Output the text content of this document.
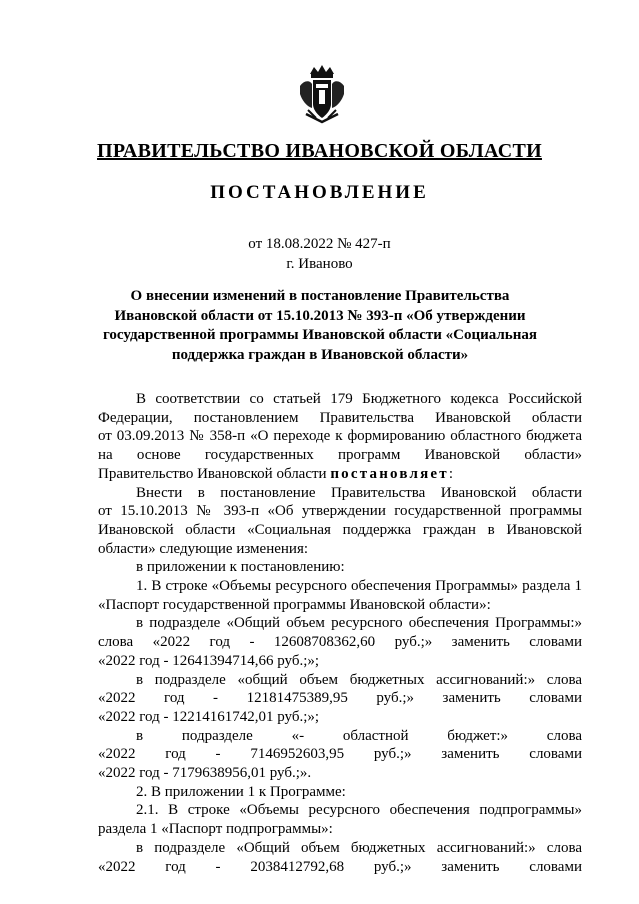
ПРАВИТЕЛЬСТВО ИВАНОВСКОЙ ОБЛАСТИ
ПОСТАНОВЛЕНИЕ
от 18.08.2022 № 427-п
г. Иваново
О внесении изменений в постановление Правительства
Ивановской области от 15.10.2013 № 393-п «Об утверждении
государственной программы Ивановской области «Социальная
поддержка граждан в Ивановской области»
В соответствии со статьей 179 Бюджетного кодекса Российской
Федерации, постановлением Правительства Ивановской области
от 03.09.2013 № 358-п «О переходе к формированию областного бюджета
на основе государственных программ Ивановской области»
Правительство Ивановской области постановляет:
Внести в постановление Правительства Ивановской области
от 15.10.2013 № 393-п «Об утверждении государственной программы
Ивановской области «Социальная поддержка граждан в Ивановской
области» следующие изменения:
в приложении к постановлению:
1. В строке «Объемы ресурсного обеспечения Программы» раздела 1
«Паспорт государственной программы Ивановской области»:
в подразделе «Общий объем ресурсного обеспечения Программы:»
слова «2022 год - 12608708362,60 руб.;» заменить словами
«2022 год - 12641394714,66 руб.;»;
в подразделе «общий объем бюджетных ассигнований:» слова
«2022 год - 12181475389,95 руб.;» заменить словами
«2022 год - 12214161742,01 руб.;»;
в подразделе «- областной бюджет:» слова
«2022 год - 7146952603,95 руб.;» заменить словами
«2022 год - 7179638956,01 руб.;».
2. В приложении 1 к Программе:
2.1. В строке «Объемы ресурсного обеспечения подпрограммы»
раздела 1 «Паспорт подпрограммы»:
в подразделе «Общий объем бюджетных ассигнований:» слова
«2022 год - 2038412792,68 руб.;» заменить словами
